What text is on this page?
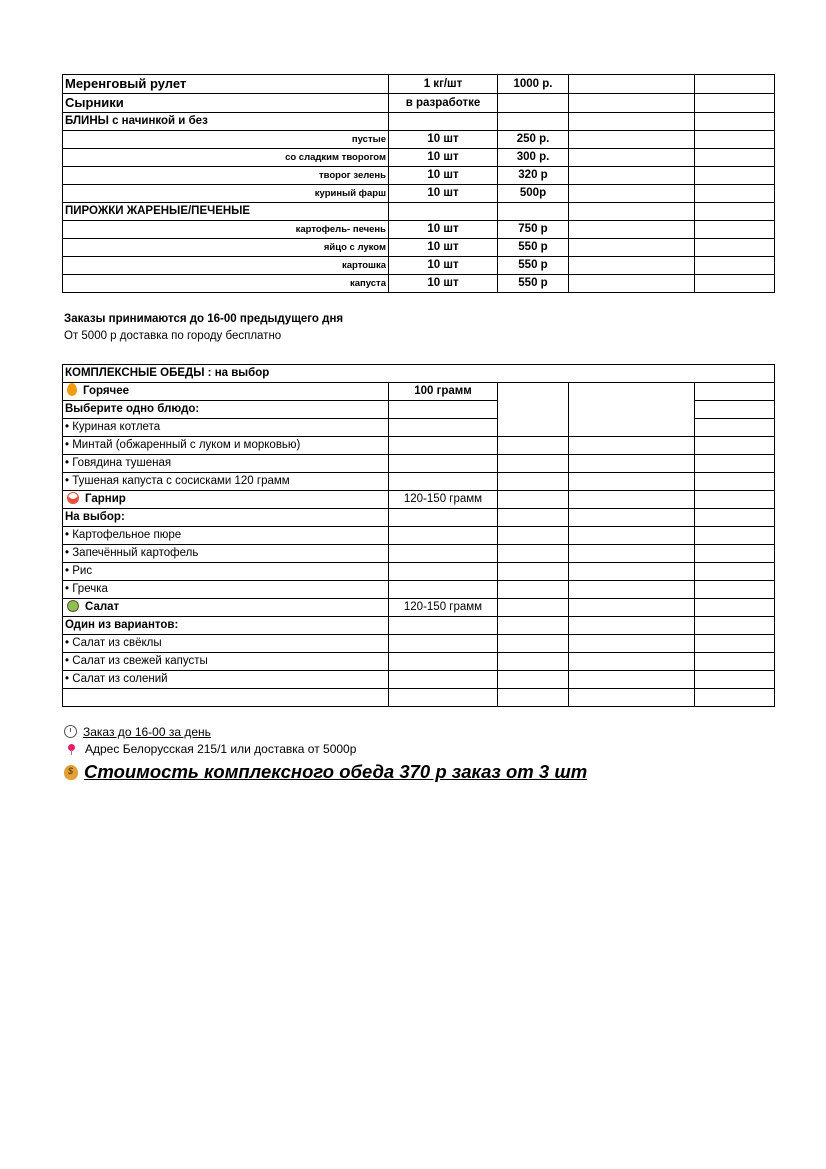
Меренговый рулет	1 кг/шт	1000 р.		
Сырники	в разработке			
БЛИНЫ с начинкой и без				
пустые	10 шт	250 р.		
со сладким творогом	10 шт	300 р.		
творог зелень	10 шт	320 р		
куриный фарш	10 шт	500р		
ПИРОЖКИ ЖАРЕНЫЕ/ПЕЧЕНЫЕ				
картофель- печень	10 шт	750 р		
яйцо с луком	10 шт	550 р		
картошка	10 шт	550 р		
капуста	10 шт	550 р		
Заказы принимаются до 16-00 предыдущего дня
От 5000 р доставка по городу бесплатно
КОМПЛЕКСНЫЕ ОБЕДЫ : на выбор				
Горячее	100 грамм			
Выберите одно блюдо:				
• Куриная котлета				
• Минтай (обжаренный с луком и морковью)				
• Говядина тушеная				
• Тушеная капуста с сосисками 120 грамм				
Гарнир	120-150 грамм			
На выбор:				
• Картофельное пюре				
• Запечённый картофель				
• Рис				
• Гречка				
Салат	120-150 грамм			
Один из вариантов:				
• Салат из свёклы				
• Салат из свежей капусты				
• Салат из солений				

Заказ до 16-00 за день
Адрес Белорусская 215/1 или доставка от 5000р
$Стоимость комплексного обеда 370 р заказ от 3 шт
